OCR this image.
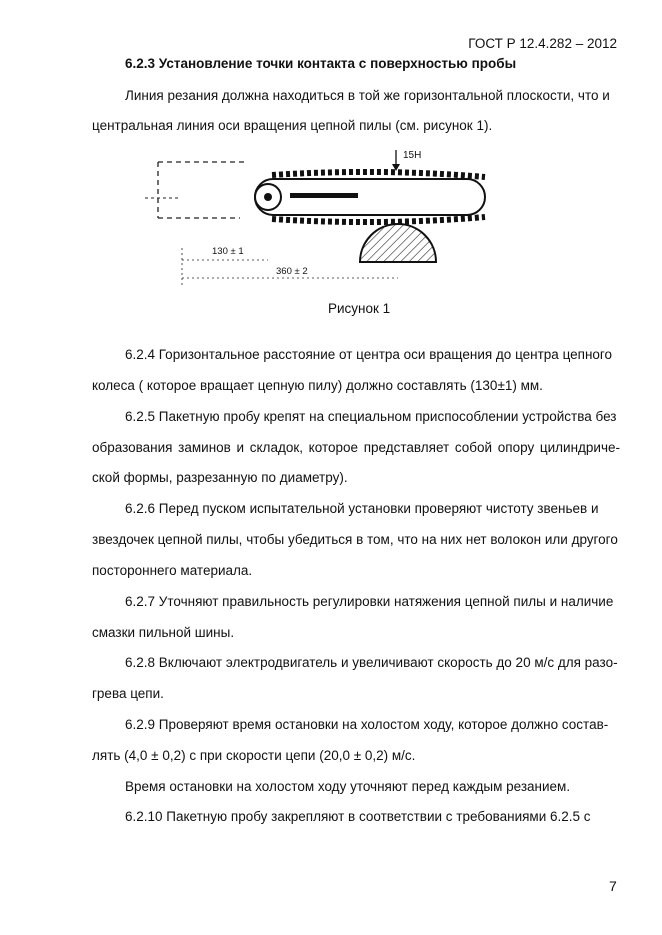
ГОСТ Р 12.4.282 – 2012
6.2.3 Установление точки контакта с поверхностью пробы
Линия резания должна находиться в той же горизонтальной плоскости, что и
центральная линия оси вращения цепной пилы (см. рисунок 1).
15Н
130 ± 1
360 ± 2
Рисунок 1
6.2.4 Горизонтальное расстояние от центра оси вращения до центра цепного
колеса ( которое вращает цепную пилу) должно составлять (130±1) мм.
6.2.5 Пакетную пробу крепят на специальном приспособлении устройства без
образования заминов и складок, которое представляет собой опору цилиндриче-
ской формы, разрезанную по диаметру).
6.2.6 Перед пуском испытательной установки проверяют чистоту звеньев и
звездочек цепной пилы, чтобы убедиться в том, что на них нет волокон или другого
постороннего материала.
6.2.7 Уточняют правильность регулировки натяжения цепной пилы и наличие
смазки пильной шины.
6.2.8 Включают электродвигатель и увеличивают скорость до 20 м/с для разо-
грева цепи.
6.2.9 Проверяют время остановки на холостом ходу, которое должно состав-
лять (4,0 ± 0,2) с при скорости цепи (20,0 ± 0,2) м/с.
Время остановки на холостом ходу уточняют перед каждым резанием.
6.2.10 Пакетную пробу закрепляют в соответствии с требованиями 6.2.5 с
7
